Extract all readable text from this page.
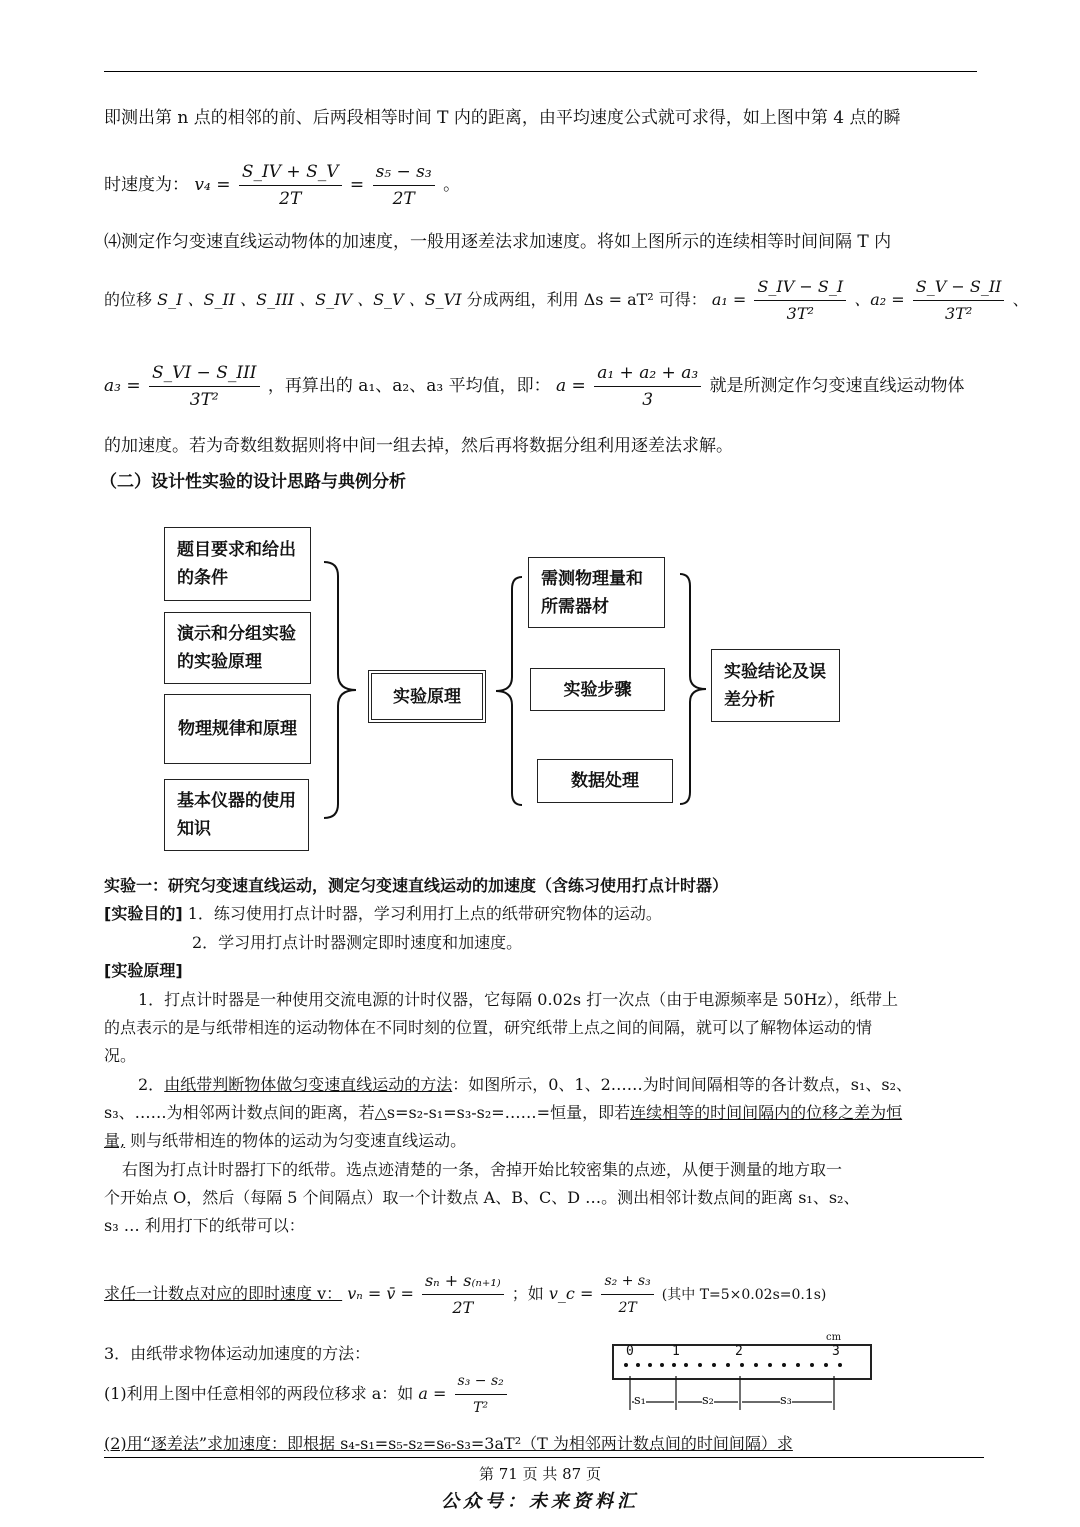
即测出第 n 点的相邻的前、后两段相等时间 T 内的距离，由平均速度公式就可求得，如上图中第 4 点的瞬
时速度为： $v_4 = \frac{S\_IV + S\_V}{2T} = \frac{\text{s₅ − s₃}}{2T}$ 。
⑷测定作匀变速直线运动物体的加速度，一般用逐差法求加速度。将如上图所示的连续相等时间间隔 T 内
的位移 S_I 、S_II 、S_III 、S_IV 、S_V 、S_VI 分成两组，利用 Δs = aT² 可得： $a_1 = \frac{S\_IV - S\_I}{\text{3T²}}$ 、$a_2 = \frac{S\_V - S\_II}{\text{3T²}}$ 、
$a_3 = \frac{\text{S\_VI − S\_III}}{\text{3T²}}$ ，再算出的 a₁、a₂、a₃ 平均值，即： $a = \frac{\text{a₁ + a₂ + a₃}}{3}$ 就是所测定作匀变速直线运动物体
的加速度。若为奇数组数据则将中间一组去掉，然后再将数据分组利用逐差法求解。
（二）设计性实验的设计思路与典例分析
题目要求和给出的条件
演示和分组实验的实验原理
物理规律和原理
基本仪器的使用知识
实验原理
需测物理量和所需器材
实验步骤
数据处理
实验结论及误差分析
实验一：研究匀变速直线运动，测定匀变速直线运动的加速度（含练习使用打点计时器）
[实验目的] 1．练习使用打点计时器，学习利用打上点的纸带研究物体的运动。
2．学习用打点计时器测定即时速度和加速度。
[实验原理]
1．打点计时器是一种使用交流电源的计时仪器，它每隔 0.02s 打一次点（由于电源频率是 50Hz），纸带上
的点表示的是与纸带相连的运动物体在不同时刻的位置，研究纸带上点之间的间隔，就可以了解物体运动的情
况。
2．由纸带判断物体做匀变速直线运动的方法：如图所示，0、1、2……为时间间隔相等的各计数点，s₁、s₂、
s₃、……为相邻两计数点间的距离，若△s=s₂-s₁=s₃-s₂=……=恒量，即若连续相等的时间间隔内的位移之差为恒
量, 则与纸带相连的物体的运动为匀变速直线运动。
右图为打点计时器打下的纸带。选点迹清楚的一条，舍掉开始比较密集的点迹，从便于测量的地方取一
个开始点 O，然后（每隔 5 个间隔点）取一个计数点 A、B、C、D …。测出相邻计数点间的距离 s₁、s₂、
s₃ … 利用打下的纸带可以：
求任一计数点对应的即时速度 v： vₙ = v̄ = $\frac{\text{sₙ + s₍ₙ₊₁₎}}{2T}$ ；如 v_c = $\frac{\text{s₂ + s₃}}{2T}$ (其中 T=5×0.02s=0.1s)
3．由纸带求物体运动加速度的方法：
(1)利用上图中任意相邻的两段位移求 a：如 $a = \frac{\text{s₃ − s₂}}{\text{T²}}$
(2)用“逐差法”求加速度：即根据 s₄-s₁=s₅-s₂=s₆-s₃=3aT²（T 为相邻两计数点间的时间间隔）求
cm
0	1	2	3
s₁	s₂	s₃
第 71 页 共 87 页
公众号：未来资料汇
